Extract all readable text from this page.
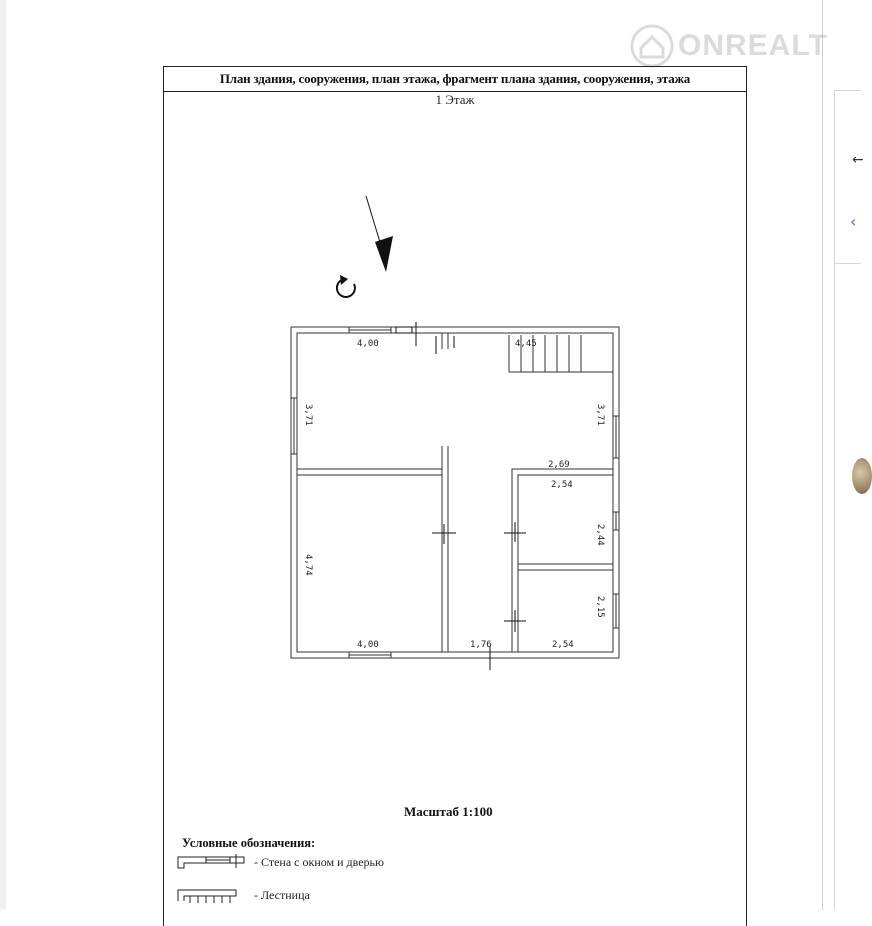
ONREALT
План здания, сооружения, план этажа, фрагмент плана здания, сооружения, этажа
1 Этаж
4,00	4,45
3,71	3,71
2,69
2,54
2,44
4,74
4,00	1,76	2,54
2,15
Масштаб 1:100
Условные обозначения:
- Стена с окном и дверью
- Лестница
←
‹
